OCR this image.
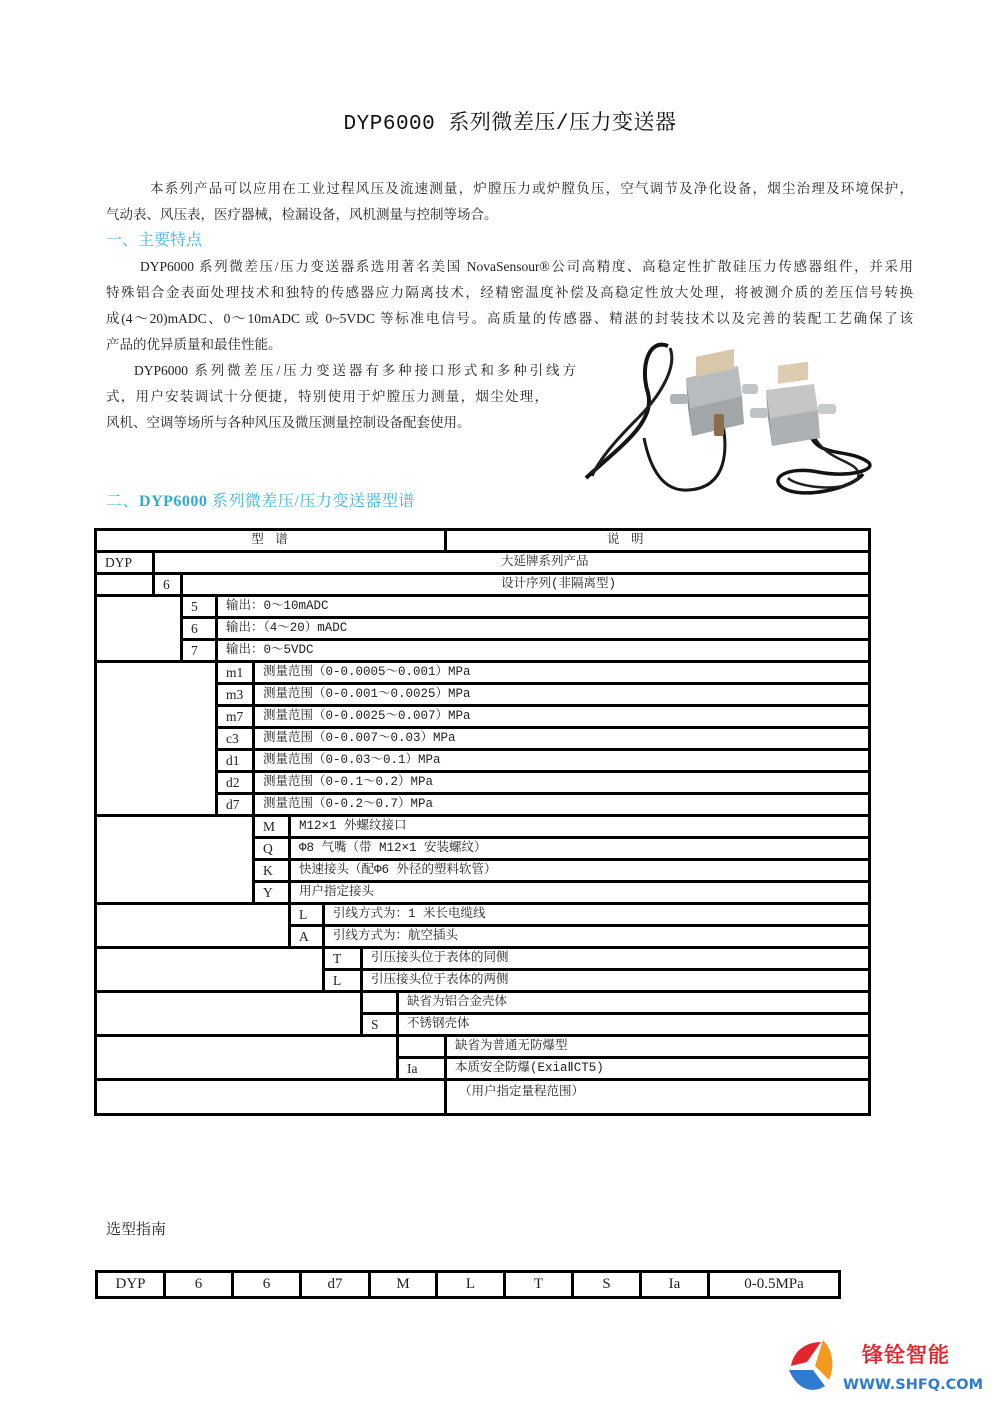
DYP6000 系列微差压/压力变送器
本系列产品可以应用在工业过程风压及流速测量，炉膛压力或炉膛负压，空气调节及净化设备，烟尘治理及环境保护，
气动表、风压表，医疗器械，检漏设备，风机测量与控制等场合。
一、主要特点
DYP6000 系列微差压/压力变送器系选用著名美国 NovaSensour®公司高精度、高稳定性扩散硅压力传感器组件，并采用
特殊铝合金表面处理技术和独特的传感器应力隔离技术，经精密温度补偿及高稳定性放大处理，将被测介质的差压信号转换
成(4～20)mADC、0～10mADC 或 0~5VDC 等标准电信号。高质量的传感器、精湛的封装技术以及完善的装配工艺确保了该
产品的优异质量和最佳性能。
DYP6000 系列微差压/压力变送器有多种接口形式和多种引线方
式，用户安装调试十分便捷，特别使用于炉膛压力测量，烟尘处理，
风机、空调等场所与各种风压及微压测量控制设备配套使用。
二、DYP6000 系列微差压/压力变送器型谱
型 谱									说 明
DYP	大延牌系列产品								
	6	设计序列(非隔离型)							
		5	输出：0～10mADC						
		6	输出：（4～20）mADC						
		7	输出：0～5VDC						
			m1	测量范围（0-0.0005～0.001）MPa					
			m3	测量范围（0-0.001～0.0025）MPa					
			m7	测量范围（0-0.0025～0.007）MPa					
			c3	测量范围（0-0.007～0.03）MPa					
			d1	测量范围（0-0.03～0.1）MPa					
			d2	测量范围（0-0.1～0.2）MPa					
			d7	测量范围（0-0.2～0.7）MPa					
				M	M12×1 外螺纹接口				
				Q	Φ8 气嘴（带 M12×1 安装螺纹）				
				K	快速接头（配Φ6 外径的塑料软管）				
				Y	用户指定接头				
					L	引线方式为：1 米长电缆线			
					A	引线方式为：航空插头			
						T	引压接头位于表体的同侧		
						L	引压接头位于表体的两侧		
								缺省为铝合金壳体	
							S	不锈钢壳体	
									缺省为普通无防爆型
								Ia	本质安全防爆(ExiaⅡCT5)
									（用户指定量程范围）
选型指南
DYP	6	6	d7	M	L	T	S	Ia	0-0.5MPa
锋铨智能
WWW.SHFQ.COM
